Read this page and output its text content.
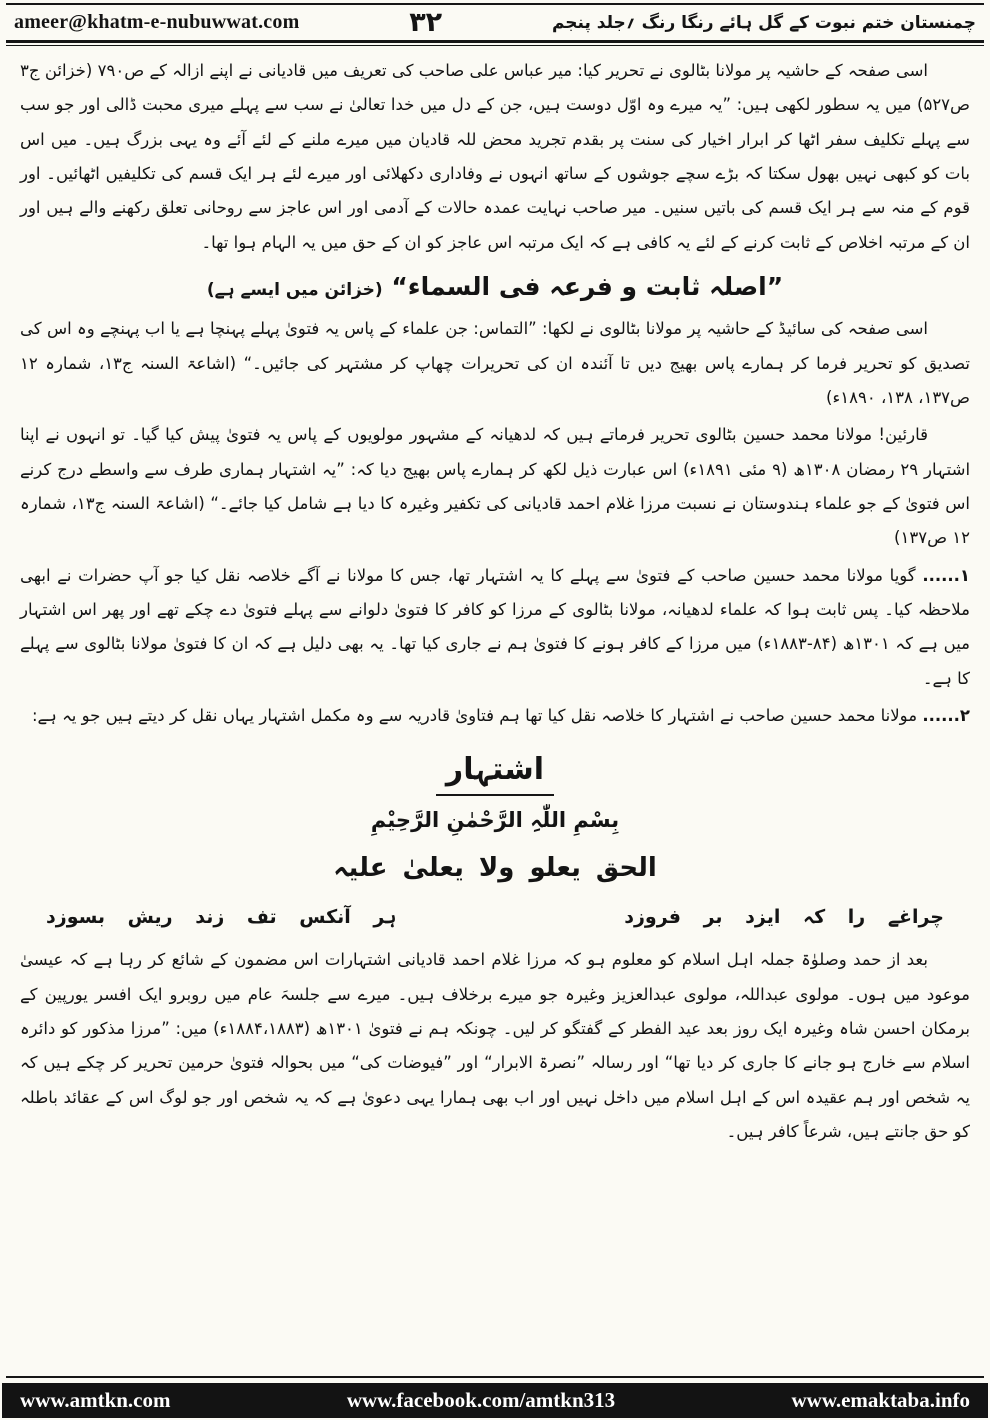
ameer@khatm-e-nubuwwat.com	۳۲	چمنستان ختم نبوت کے گل ہائے رنگا رنگ ؍جلد پنجم

اسی صفحہ کے حاشیہ پر مولانا بٹالوی نے تحریر کیا: میر عباس علی صاحب کی تعریف میں قادیانی نے اپنے ازالہ کے ص۷۹۰ (خزائن ج۳ ص۵۲۷) میں یہ سطور لکھی ہیں: ”یہ میرے وہ اوّل دوست ہیں، جن کے دل میں خدا تعالیٰ نے سب سے پہلے میری محبت ڈالی اور جو سب سے پہلے تکلیف سفر اٹھا کر ابرار اخیار کی سنت پر بقدم تجرید محض للہ قادیان میں میرے ملنے کے لئے آئے وہ یہی بزرگ ہیں۔ میں اس بات کو کبھی نہیں بھول سکتا کہ بڑے سچے جوشوں کے ساتھ انہوں نے وفاداری دکھلائی اور میرے لئے ہر ایک قسم کی تکلیفیں اٹھائیں۔ اور قوم کے منہ سے ہر ایک قسم کی باتیں سنیں۔ میر صاحب نہایت عمدہ حالات کے آدمی اور اس عاجز سے روحانی تعلق رکھنے والے ہیں اور ان کے مرتبہ اخلاص کے ثابت کرنے کے لئے یہ کافی ہے کہ ایک مرتبہ اس عاجز کو ان کے حق میں یہ الہام ہوا تھا۔

”اصلہ ثابت و فرعہ فی السماء“ (خزائن میں ایسے ہے)

اسی صفحہ کی سائیڈ کے حاشیہ پر مولانا بٹالوی نے لکھا: ”التماس: جن علماء کے پاس یہ فتویٰ پہلے پہنچا ہے یا اب پہنچے وہ اس کی تصدیق کو تحریر فرما کر ہمارے پاس بھیج دیں تا آئندہ ان کی تحریرات چھاپ کر مشتہر کی جائیں۔“ (اشاعۃ السنہ ج۱۳، شمارہ ۱۲ ص۱۳۷، ۱۳۸، ۱۸۹۰ء)

قارئین! مولانا محمد حسین بٹالوی تحریر فرماتے ہیں کہ لدھیانہ کے مشہور مولویوں کے پاس یہ فتویٰ پیش کیا گیا۔ تو انہوں نے اپنا اشتہار ۲۹ رمضان ۱۳۰۸ھ (۹ مئی ۱۸۹۱ء) اس عبارت ذیل لکھ کر ہمارے پاس بھیج دیا کہ: ”یہ اشتہار ہماری طرف سے واسطے درج کرنے اس فتویٰ کے جو علماء ہندوستان نے نسبت مرزا غلام احمد قادیانی کی تکفیر وغیرہ کا دیا ہے شامل کیا جائے۔“ (اشاعۃ السنہ ج۱۳، شمارہ ۱۲ ص۱۳۷)

۱...... گویا مولانا محمد حسین صاحب کے فتویٰ سے پہلے کا یہ اشتہار تھا، جس کا مولانا نے آگے خلاصہ نقل کیا جو آپ حضرات نے ابھی ملاحظہ کیا۔ پس ثابت ہوا کہ علماء لدھیانہ، مولانا بٹالوی کے مرزا کو کافر کا فتویٰ دلوانے سے پہلے فتویٰ دے چکے تھے اور پھر اس اشتہار میں ہے کہ ۱۳۰۱ھ (۸۴-۱۸۸۳ء) میں مرزا کے کافر ہونے کا فتویٰ ہم نے جاری کیا تھا۔ یہ بھی دلیل ہے کہ ان کا فتویٰ مولانا بٹالوی سے پہلے کا ہے۔

۲...... مولانا محمد حسین صاحب نے اشتہار کا خلاصہ نقل کیا تھا ہم فتاویٰ قادریہ سے وہ مکمل اشتہار یہاں نقل کر دیتے ہیں جو یہ ہے:

اشتہار
بِسْمِ اللّٰہِ الرَّحْمٰنِ الرَّحِیْمِ
الحق یعلو ولا یعلیٰ علیہ
چراغے را کہ ایزد بر فروزد
ہر آنکس تف زند ریش بسوزد

بعد از حمد وصلوٰۃ جملہ اہل اسلام کو معلوم ہو کہ مرزا غلام احمد قادیانی اشتہارات اس مضمون کے شائع کر رہا ہے کہ عیسیٰ موعود میں ہوں۔ مولوی عبداللہ، مولوی عبدالعزیز وغیرہ جو میرے برخلاف ہیں۔ میرے سے جلسہَ عام میں روبرو ایک افسر یورپین کے برمکان احسن شاہ وغیرہ ایک روز بعد عید الفطر کے گفتگو کر لیں۔ چونکہ ہم نے فتویٰ ۱۳۰۱ھ (۱۸۸۴،۱۸۸۳ء) میں: ”مرزا مذکور کو دائرہ اسلام سے خارج ہو جانے کا جاری کر دیا تھا“ اور رسالہ ”نصرۃ الابرار“ اور ”فیوضات کی“ میں بحوالہ فتویٰ حرمین تحریر کر چکے ہیں کہ یہ شخص اور ہم عقیدہ اس کے اہل اسلام میں داخل نہیں اور اب بھی ہمارا یہی دعویٰ ہے کہ یہ شخص اور جو لوگ اس کے عقائد باطلہ کو حق جانتے ہیں، شرعاً کافر ہیں۔

www.amtkn.com	www.facebook.com/amtkn313	www.emaktaba.info
